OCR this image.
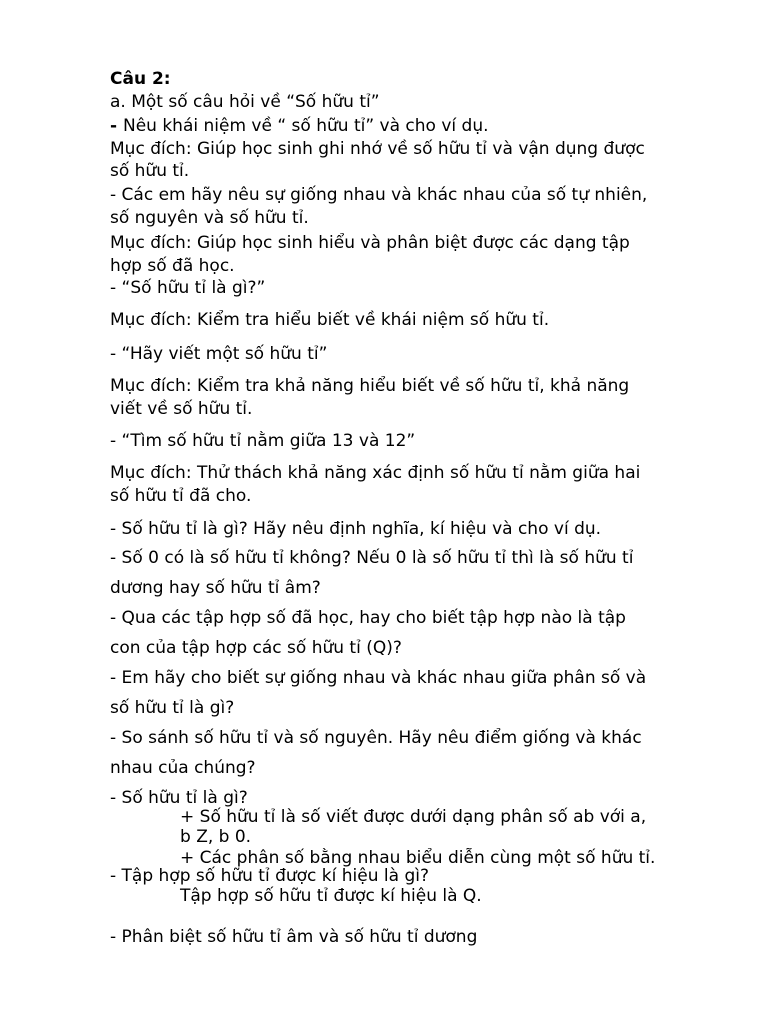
Câu 2:

a. Một số câu hỏi về “Số hữu tỉ”

- Nêu khái niệm về “ số hữu tỉ” và cho ví dụ.

Mục đích: Giúp học sinh ghi nhớ về số hữu tỉ và vận dụng được

số hữu tỉ.

- Các em hãy nêu sự giống nhau và khác nhau của số tự nhiên,

số nguyên và số hữu tỉ.

Mục đích: Giúp học sinh hiểu và phân biệt được các dạng tập

hợp số đã học.

- “Số hữu tỉ là gì?”

Mục đích: Kiểm tra hiểu biết về khái niệm số hữu tỉ.

- “Hãy viết một số hữu tỉ”

Mục đích: Kiểm tra khả năng hiểu biết về số hữu tỉ, khả năng

viết về số hữu tỉ.

- “Tìm số hữu tỉ nằm giữa 13 và 12”

Mục đích: Thử thách khả năng xác định số hữu tỉ nằm giữa hai

số hữu tỉ đã cho.

- Số hữu tỉ là gì? Hãy nêu định nghĩa, kí hiệu và cho ví dụ.

- Số 0 có là số hữu tỉ không? Nếu 0 là số hữu tỉ thì là số hữu tỉ

dương hay số hữu tỉ âm?

- Qua các tập hợp số đã học, hay cho biết tập hợp nào là tập

con của tập hợp các số hữu tỉ (Q)?

- Em hãy cho biết sự giống nhau và khác nhau giữa phân số và

số hữu tỉ là gì?

- So sánh số hữu tỉ và số nguyên. Hãy nêu điểm giống và khác

nhau của chúng?

- Số hữu tỉ là gì?

+ Số hữu tỉ là số viết được dưới dạng phân số ab với a,

b Z, b 0.

+ Các phân số bằng nhau biểu diễn cùng một số hữu tỉ.

- Tập hợp số hữu tỉ được kí hiệu là gì?

Tập hợp số hữu tỉ được kí hiệu là Q.

- Phân biệt số hữu tỉ âm và số hữu tỉ dương
